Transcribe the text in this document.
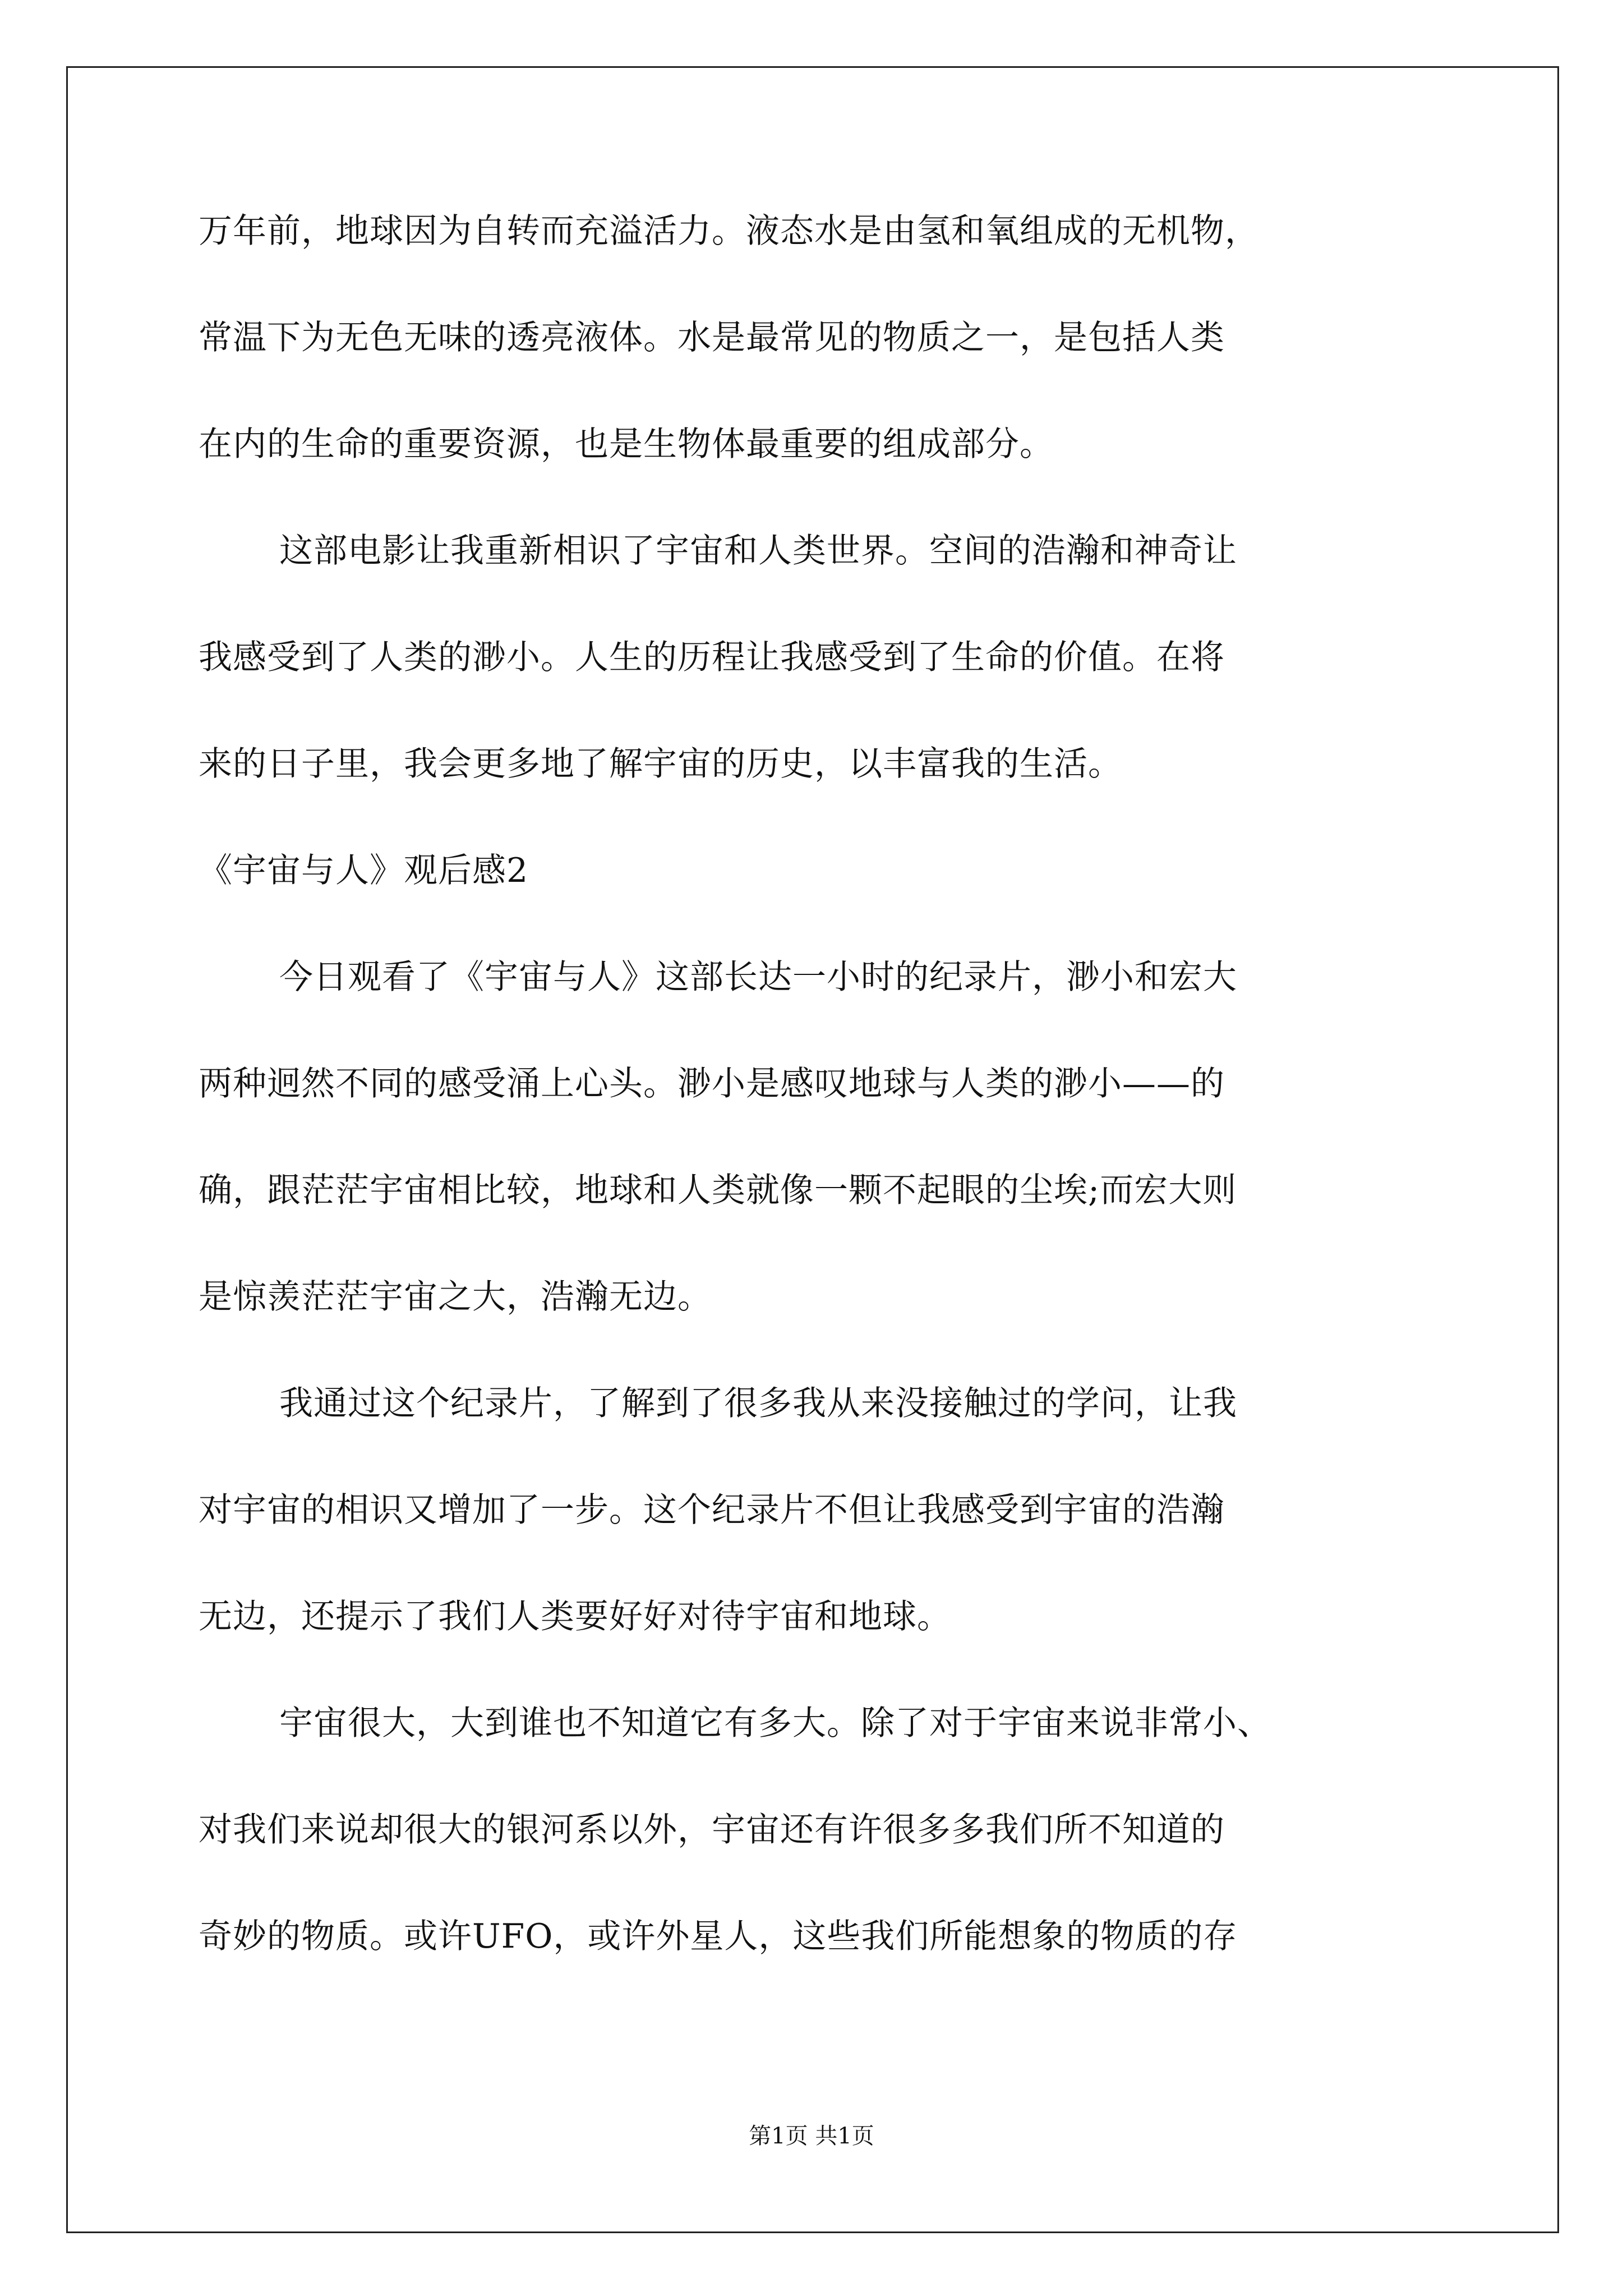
万年前，地球因为自转而充溢活力。液态水是由氢和氧组成的无机物，
常温下为无色无味的透亮液体。水是最常见的物质之一，是包括人类
在内的生命的重要资源，也是生物体最重要的组成部分。
这部电影让我重新相识了宇宙和人类世界。空间的浩瀚和神奇让
我感受到了人类的渺小。人生的历程让我感受到了生命的价值。在将
来的日子里，我会更多地了解宇宙的历史，以丰富我的生活。
《宇宙与人》观后感2
今日观看了《宇宙与人》这部长达一小时的纪录片，渺小和宏大
两种迥然不同的感受涌上心头。渺小是感叹地球与人类的渺小——的
确，跟茫茫宇宙相比较，地球和人类就像一颗不起眼的尘埃;而宏大则
是惊羡茫茫宇宙之大，浩瀚无边。
我通过这个纪录片，了解到了很多我从来没接触过的学问，让我
对宇宙的相识又增加了一步。这个纪录片不但让我感受到宇宙的浩瀚
无边，还提示了我们人类要好好对待宇宙和地球。
宇宙很大，大到谁也不知道它有多大。除了对于宇宙来说非常小、
对我们来说却很大的银河系以外，宇宙还有许很多多我们所不知道的
奇妙的物质。或许UFO，或许外星人，这些我们所能想象的物质的存
第1页 共1页
